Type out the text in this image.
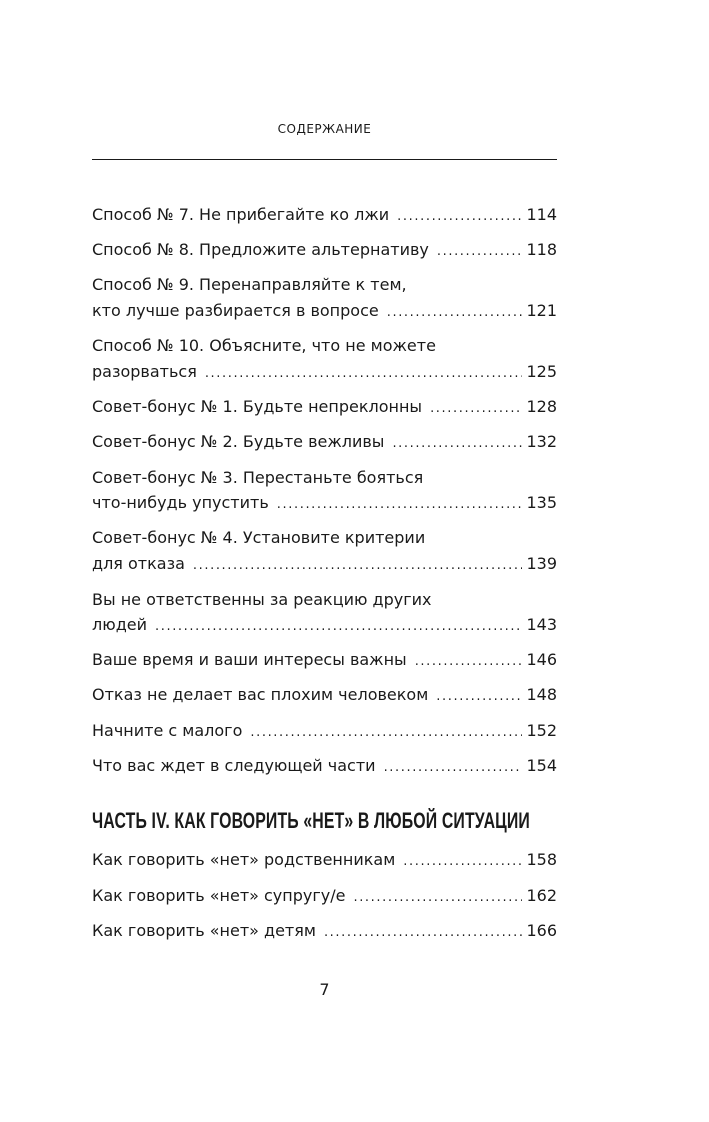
СОДЕРЖАНИЕ
Способ № 7. Не прибегайте ко лжи .....	114
Способ № 8. Предложите альтернативу .....	118
Способ № 9. Перенаправляйте к тем,
кто лучше разбирается в вопросе .....	121
Способ № 10. Объясните, что не можете
разорваться .....	125
Совет-бонус № 1. Будьте непреклонны .....	128
Совет-бонус № 2. Будьте вежливы .....	132
Совет-бонус № 3. Перестаньте бояться
что-нибудь упустить .....	135
Совет-бонус № 4. Установите критерии
для отказа .....	139
Вы не ответственны за реакцию других
людей .....	143
Ваше время и ваши интересы важны .....	146
Отказ не делает вас плохим человеком .....	148
Начните с малого .....	152
Что вас ждет в следующей части .....	154
ЧАСТЬ IV. КАК ГОВОРИТЬ «НЕТ» В ЛЮБОЙ СИТУАЦИИ
Как говорить «нет» родственникам .....	158
Как говорить «нет» супругу/е .....	162
Как говорить «нет» детям .....	166
7
